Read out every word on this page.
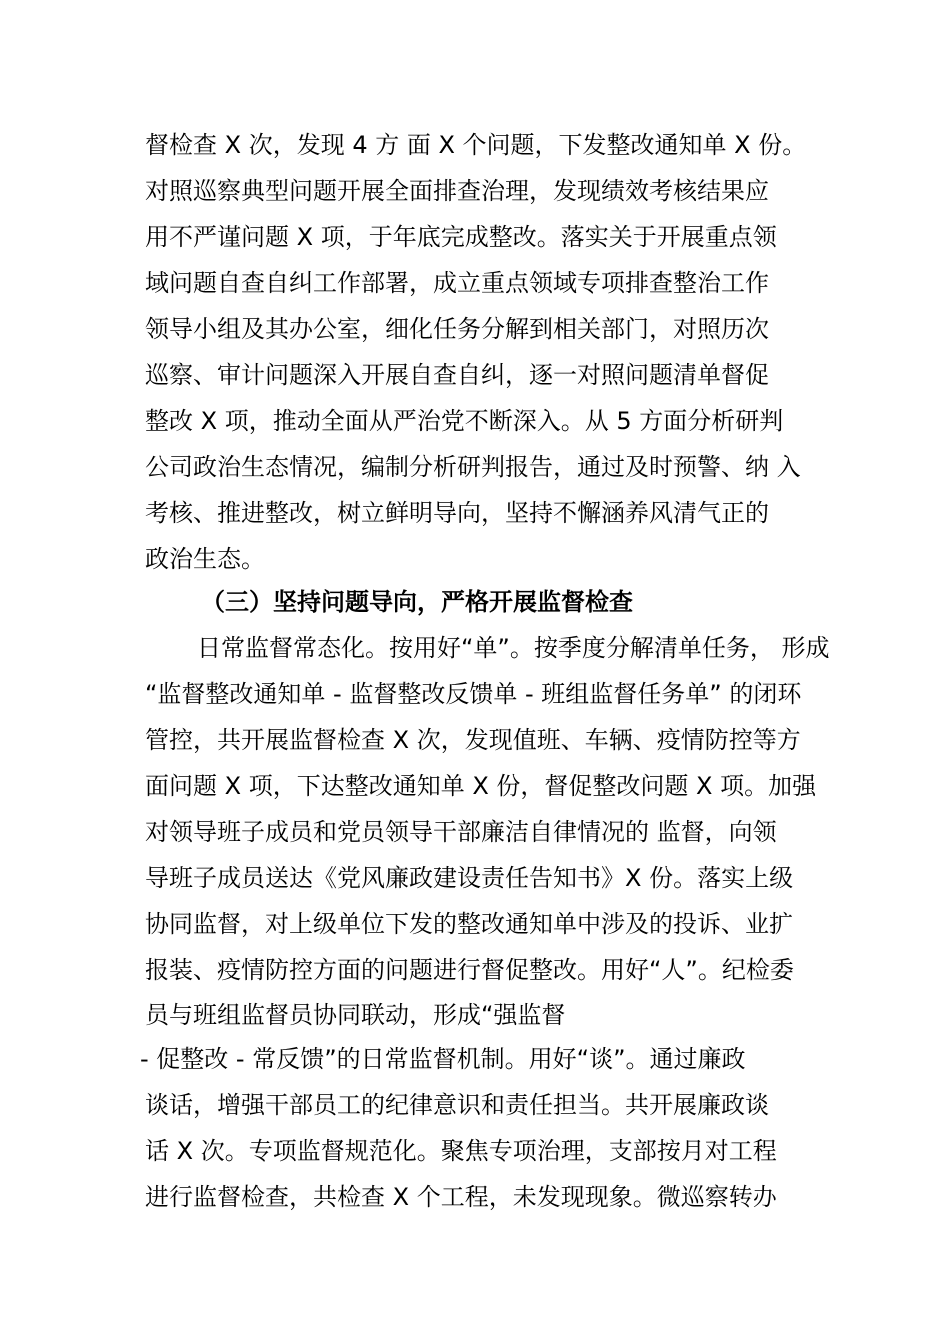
督检查 X 次，发现 4 方 面 X 个问题，下发整改通知单 X 份。
对照巡察典型问题开展全面排查治理，发现绩效考核结果应
用不严谨问题 X 项，于年底完成整改。落实关于开展重点领
域问题自查自纠工作部署，成立重点领域专项排查整治工作
领导小组及其办公室，细化任务分解到相关部门，对照历次
巡察、审计问题深入开展自查自纠，逐一对照问题清单督促
整改 X 项，推动全面从严治党不断深入。从 5 方面分析研判
公司政治生态情况，编制分析研判报告，通过及时预警、纳 入
考核、推进整改，树立鲜明导向，坚持不懈涵养风清气正的
政治生态。
（三）坚持问题导向，严格开展监督检查
日常监督常态化。按用好“单”。按季度分解清单任务， 形成
“监督整改通知单 - 监督整改反馈单 - 班组监督任务单” 的闭环
管控，共开展监督检查 X 次，发现值班、车辆、疫情防控等方
面问题 X 项，下达整改通知单 X 份，督促整改问题 X 项。加强
对领导班子成员和党员领导干部廉洁自律情况的 监督，向领
导班子成员送达《党风廉政建设责任告知书》X 份。落实上级
协同监督，对上级单位下发的整改通知单中涉及的投诉、业扩
报装、疫情防控方面的问题进行督促整改。用好“人”。纪检委
员与班组监督员协同联动，形成“强监督
- 促整改 - 常反馈”的日常监督机制。用好“谈”。通过廉政
谈话，增强干部员工的纪律意识和责任担当。共开展廉政谈
话 X 次。专项监督规范化。聚焦专项治理，支部按月对工程
进行监督检查，共检查 X 个工程，未发现现象。微巡察转办
